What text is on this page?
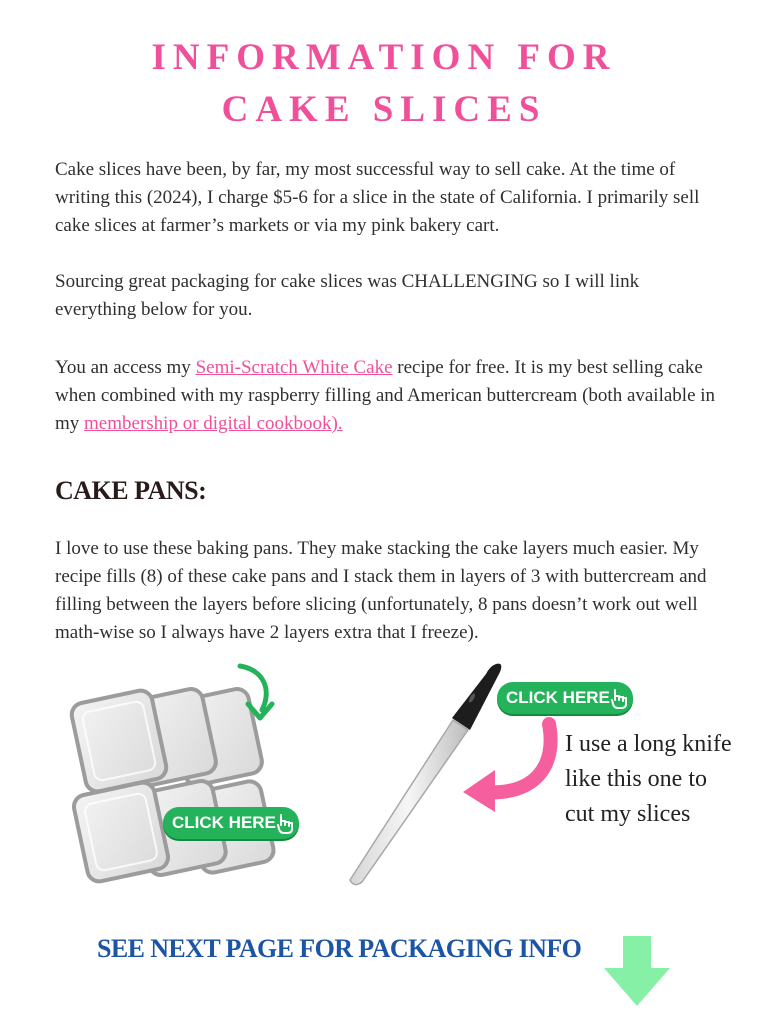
INFORMATION FOR
CAKE SLICES

Cake slices have been, by far, my most successful way to sell cake. At the time of writing this (2024), I charge $5-6 for a slice in the state of California. I primarily sell cake slices at farmer’s markets or via my pink bakery cart.

Sourcing great packaging for cake slices was CHALLENGING so I will link everything below for you.

You an access my Semi-Scratch White Cake recipe for free. It is my best selling cake when combined with my raspberry filling and American buttercream (both available in my membership or digital cookbook).

CAKE PANS:

I love to use these baking pans. They make stacking the cake layers much easier. My recipe fills (8) of these cake pans and I stack them in layers of 3 with buttercream and filling between the layers before slicing (unfortunately, 8 pans doesn’t work out well math-wise so I always have 2 layers extra that I freeze).

CLICK HERE
CLICK HERE
I use a long knife like this one to cut my slices
SEE NEXT PAGE FOR PACKAGING INFO
